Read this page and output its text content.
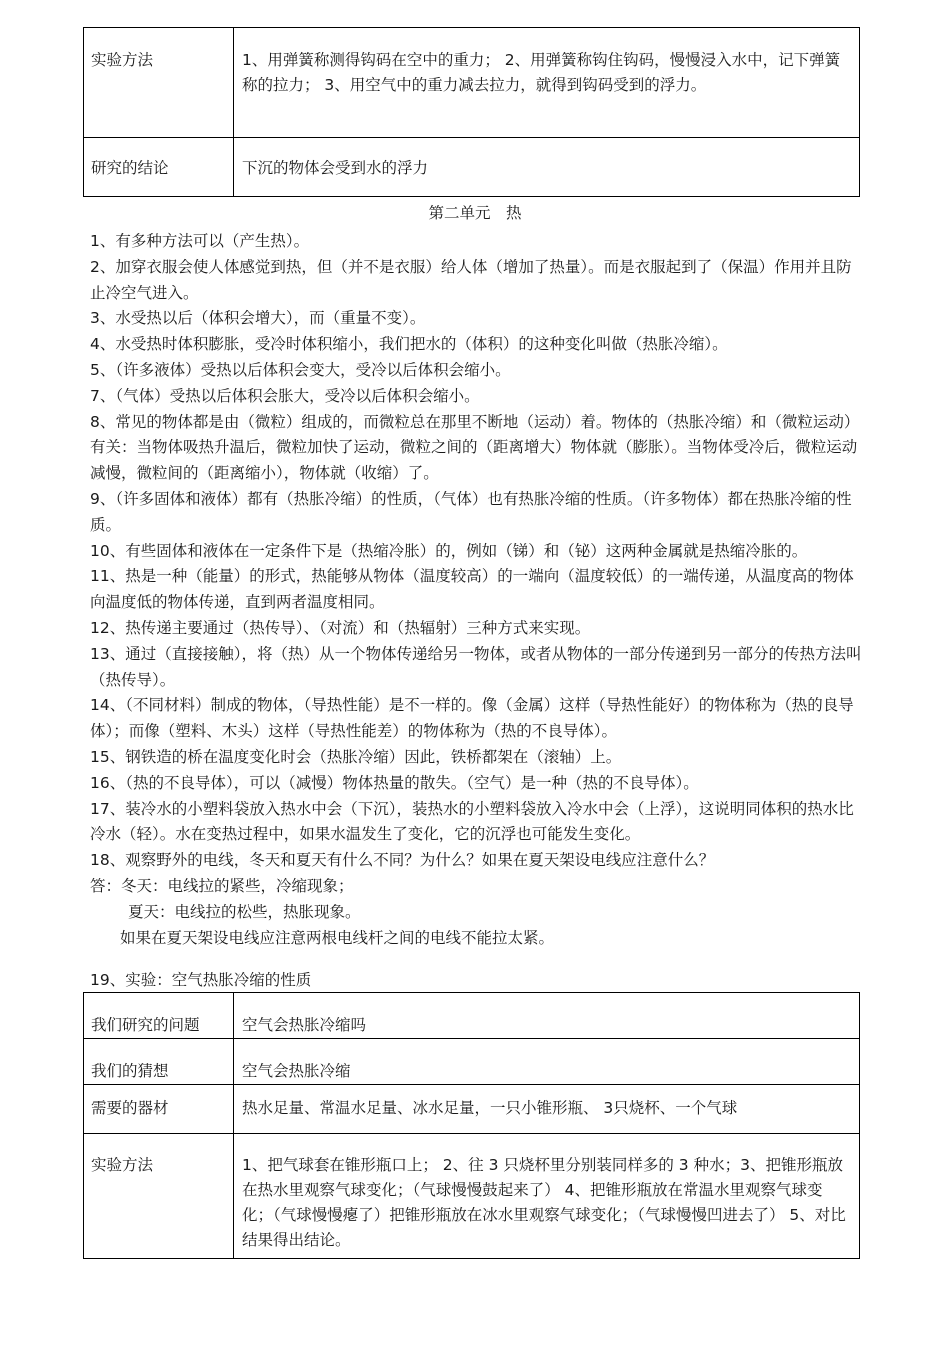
实验方法	1、用弹簧称测得钩码在空中的重力； 2、用弹簧称钩住钩码，慢慢浸入水中，记下弹簧称的拉力； 3、用空气中的重力减去拉力，就得到钩码受到的浮力。
研究的结论	下沉的物体会受到水的浮力
第二单元　热
1、有多种方法可以（产生热）。
2、加穿衣服会使人体感觉到热，但（并不是衣服）给人体（增加了热量）。而是衣服起到了（保温）作用并且防止冷空气进入。
3、水受热以后（体积会增大），而（重量不变）。
4、水受热时体积膨胀，受冷时体积缩小，我们把水的（体积）的这种变化叫做（热胀冷缩）。
5、（许多液体）受热以后体积会变大，受冷以后体积会缩小。
7、（气体）受热以后体积会胀大，受冷以后体积会缩小。
8、常见的物体都是由（微粒）组成的，而微粒总在那里不断地（运动）着。物体的（热胀冷缩）和（微粒运动）有关：当物体吸热升温后，微粒加快了运动，微粒之间的（距离增大）物体就（膨胀）。当物体受冷后，微粒运动减慢，微粒间的（距离缩小），物体就（收缩）了。
9、（许多固体和液体）都有（热胀冷缩）的性质，（气体）也有热胀冷缩的性质。（许多物体）都在热胀冷缩的性质。
10、有些固体和液体在一定条件下是（热缩冷胀）的，例如（锑）和（铋）这两种金属就是热缩冷胀的。
11、热是一种（能量）的形式，热能够从物体（温度较高）的一端向（温度较低）的一端传递，从温度高的物体向温度低的物体传递，直到两者温度相同。
12、热传递主要通过（热传导）、（对流）和（热辐射）三种方式来实现。
13、通过（直接接触），将（热）从一个物体传递给另一物体，或者从物体的一部分传递到另一部分的传热方法叫（热传导）。
14、（不同材料）制成的物体，（导热性能）是不一样的。像（金属）这样（导热性能好）的物体称为（热的良导体）；而像（塑料、木头）这样（导热性能差）的物体称为（热的不良导体）。
15、钢铁造的桥在温度变化时会（热胀冷缩）因此，铁桥都架在（滚轴）上。
16、（热的不良导体），可以（减慢）物体热量的散失。（空气）是一种（热的不良导体）。
17、装冷水的小塑料袋放入热水中会（下沉），装热水的小塑料袋放入冷水中会（上浮），这说明同体积的热水比冷水（轻）。水在变热过程中，如果水温发生了变化，它的沉浮也可能发生变化。
18、观察野外的电线，冬天和夏天有什么不同？为什么？如果在夏天架设电线应注意什么？
答：冬天：电线拉的紧些，冷缩现象；
夏天：电线拉的松些，热胀现象。
如果在夏天架设电线应注意两根电线杆之间的电线不能拉太紧。
19、实验：空气热胀冷缩的性质
我们研究的问题	空气会热胀冷缩吗
我们的猜想	空气会热胀冷缩
需要的器材	热水足量、常温水足量、冰水足量，一只小锥形瓶、 3只烧杯、一个气球
实验方法	1、把气球套在锥形瓶口上； 2、往 3 只烧杯里分别装同样多的 3 种水；3、把锥形瓶放在热水里观察气球变化；（气球慢慢鼓起来了） 4、把锥形瓶放在常温水里观察气球变化；（气球慢慢瘪了）把锥形瓶放在冰水里观察气球变化；（气球慢慢凹进去了） 5、对比结果得出结论。
